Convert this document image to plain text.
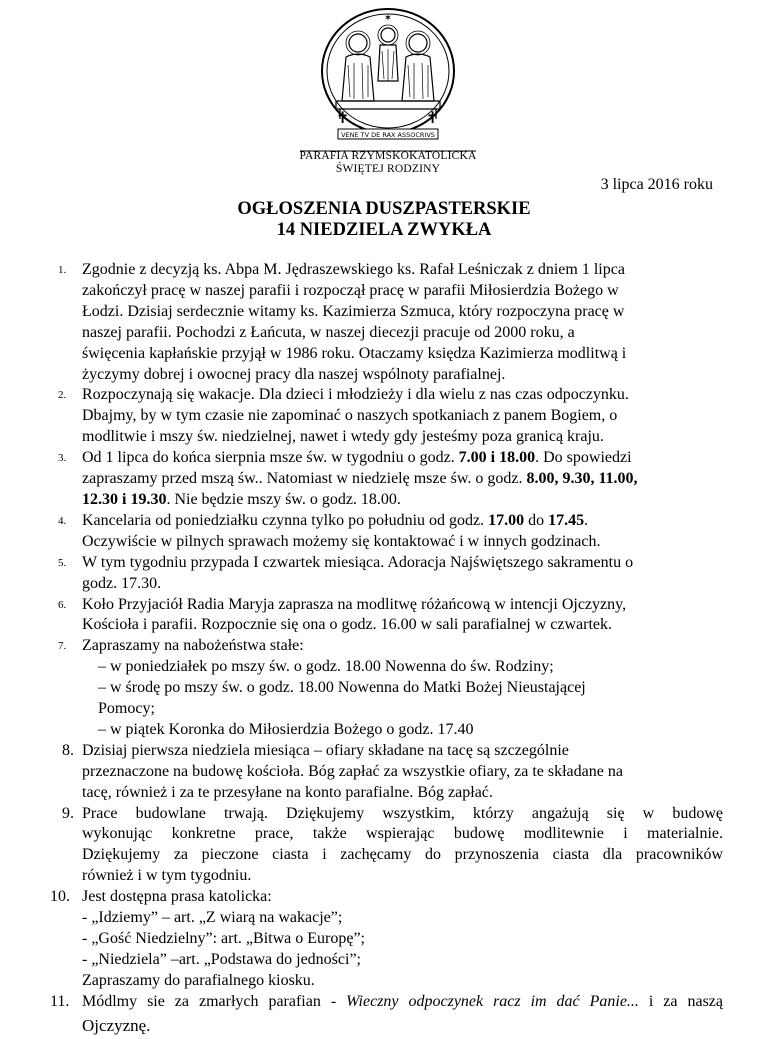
✶
✝	✝
VENE TV DE RAX ASSOCRIVS
PARAFIA RZYMSKOKATOLICKA
ŚWIĘTEJ RODZINY
3 lipca 2016 roku
OGŁOSZENIA DUSZPASTERSKIE
14 NIEDZIELA ZWYKŁA
1. Zgodnie z decyzją ks. Abpa M. Jędraszewskiego ks. Rafał Leśniczak z dniem 1 lipca
zakończył pracę w naszej parafii i rozpoczął pracę w parafii Miłosierdzia Bożego w
Łodzi. Dzisiaj serdecznie witamy ks. Kazimierza Szmuca, który rozpoczyna pracę w
naszej parafii. Pochodzi z Łańcuta, w naszej diecezji pracuje od 2000 roku, a
święcenia kapłańskie przyjął w 1986 roku. Otaczamy księdza Kazimierza modlitwą i
życzymy dobrej i owocnej pracy dla naszej wspólnoty parafialnej.
2. Rozpoczynają się wakacje. Dla dzieci i młodzieży i dla wielu z nas czas odpoczynku.
Dbajmy, by w tym czasie nie zapominać o naszych spotkaniach z panem Bogiem, o
modlitwie i mszy św. niedzielnej, nawet i wtedy gdy jesteśmy poza granicą kraju.
3. Od 1 lipca do końca sierpnia msze św. w tygodniu o godz. 7.00 i 18.00. Do spowiedzi
zapraszamy przed mszą św.. Natomiast w niedzielę msze św. o godz. 8.00, 9.30, 11.00,
12.30 i 19.30. Nie będzie mszy św. o godz. 18.00.
4. Kancelaria od poniedziałku czynna tylko po południu od godz. 17.00 do 17.45.
Oczywiście w pilnych sprawach możemy się kontaktować i w innych godzinach.
5. W tym tygodniu przypada I czwartek miesiąca. Adoracja Najświętszego sakramentu o
godz. 17.30.
6. Koło Przyjaciół Radia Maryja zaprasza na modlitwę różańcową w intencji Ojczyzny,
Kościoła i parafii. Rozpocznie się ona o godz. 16.00 w sali parafialnej w czwartek.
7. Zapraszamy na nabożeństwa stałe:
– w poniedziałek po mszy św. o godz. 18.00 Nowenna do św. Rodziny;
– w środę po mszy św. o godz. 18.00 Nowenna do Matki Bożej Nieustającej
Pomocy;
– w piątek Koronka do Miłosierdzia Bożego o godz. 17.40
8. Dzisiaj pierwsza niedziela miesiąca – ofiary składane na tacę są szczególnie
przeznaczone na budowę kościoła. Bóg zapłać za wszystkie ofiary, za te składane na
tacę, również i za te przesyłane na konto parafialne. Bóg zapłać.
9. Prace budowlane trwają. Dziękujemy wszystkim, którzy angażują się w budowę
wykonując konkretne prace, także wspierając budowę modlitewnie i materialnie.
Dziękujemy za pieczone ciasta i zachęcamy do przynoszenia ciasta dla pracowników
również i w tym tygodniu.
10. Jest dostępna prasa katolicka:
- „Idziemy” – art. „Z wiarą na wakacje”;
- „Gość Niedzielny”: art. „Bitwa o Europę”;
- „Niedziela” –art. „Podstawa do jedności”;
Zapraszamy do parafialnego kiosku.
11. Módlmy sie za zmarłych parafian - Wieczny odpoczynek racz im dać Panie... i za naszą
Ojczyznę.
